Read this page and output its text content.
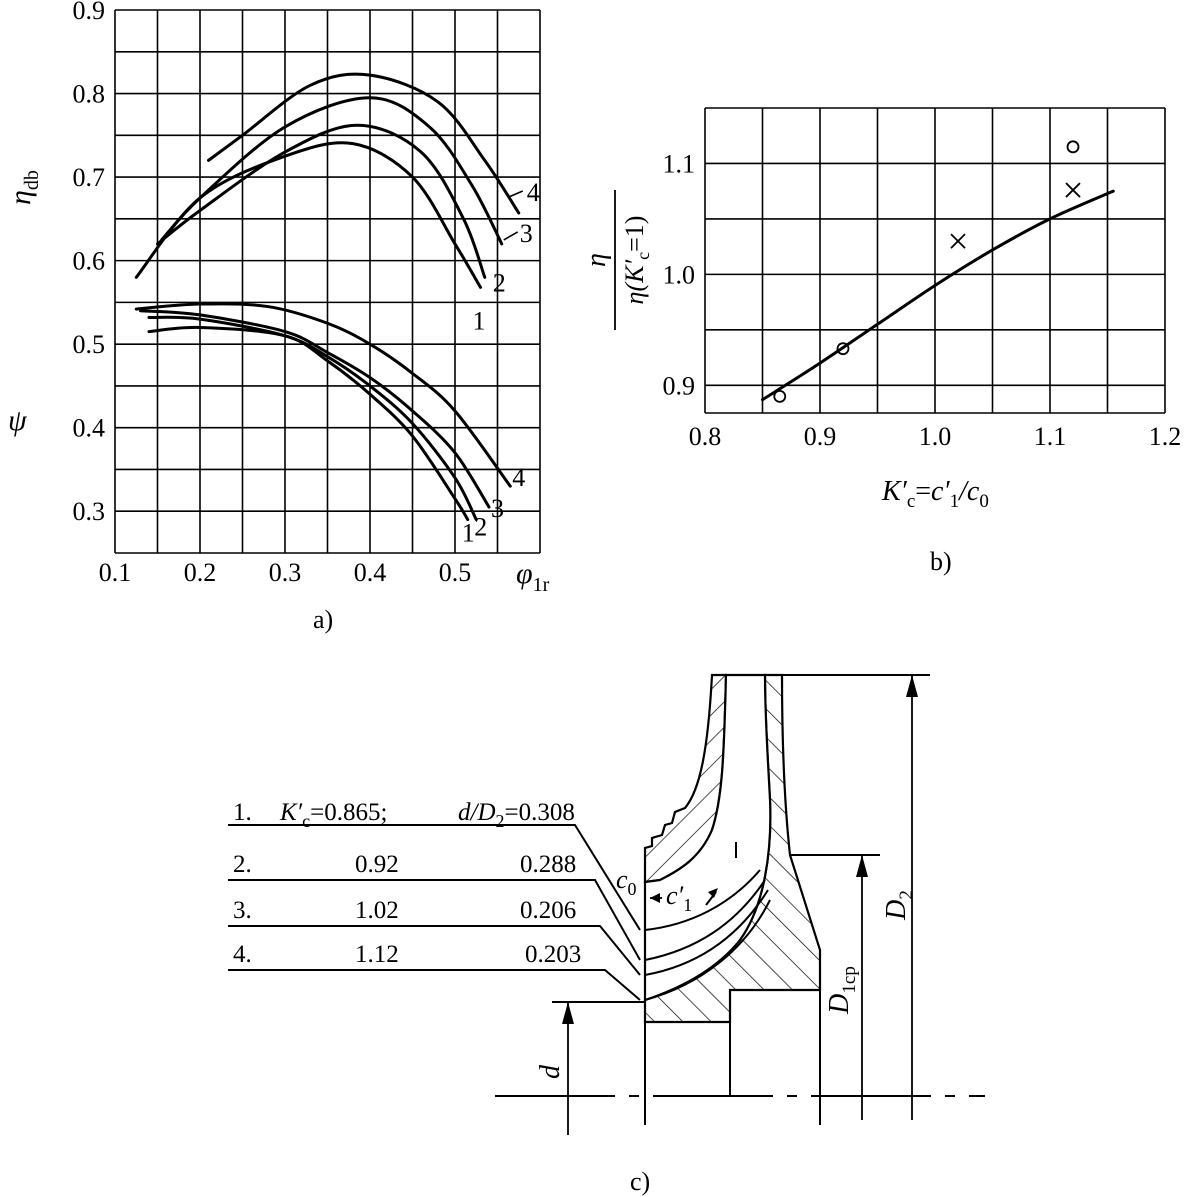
0.1 0.2 0.3 0.4 0.5
0.3
0.4
0.5
0.6
0.7
0.8
0.9
1
2
3
4
1 2
3
4
ψ
$\eta_{db}$
$\varphi_{1r}$
a)
0.8	0.9	1.0	1.1	1.2
0.9
1.0
1.1
η $\eta(K'_c=1)$
$K'_c=c'_1/c_0$
b)
d
$D_{1cp}$
$D_2$
$c_0$ $c'_1$
1. $K'_c=0.865$;	$d/D_2=0.308$
2.	0.92	0.288
3.	1.02	0.206
4.	1.12	0.203
c)
